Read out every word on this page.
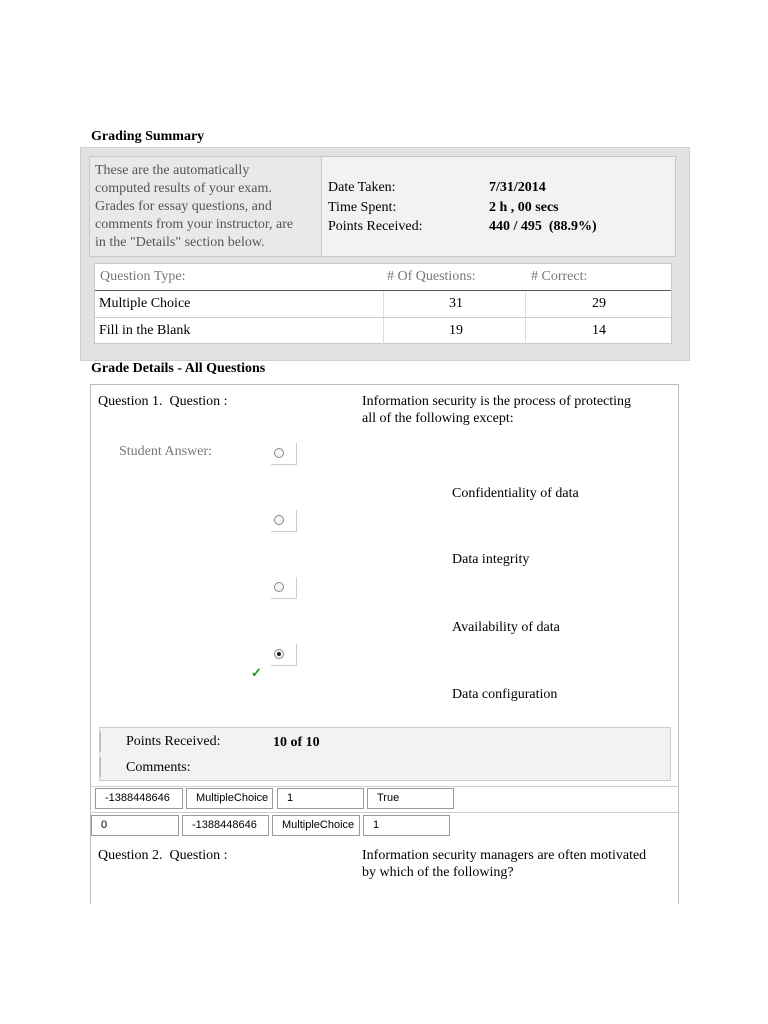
Grading Summary
These are the automatically
computed results of your exam.
Grades for essay questions, and
comments from your instructor, are
in the "Details" section below.
Date Taken:	7/31/2014
Time Spent:	2 h , 00 secs
Points Received:	440 / 495  (88.9%)
Question Type:	# Of Questions:	# Correct:
Multiple Choice	31	29
Fill in the Blank	19	14
Grade Details - All Questions
Question 1.  Question :	Information security is the process of protecting
all of the following except:
Student Answer:
Confidentiality of data
Data integrity
Availability of data
✓
Data configuration
Points Received:	10 of 10
Comments:
-1388448646	MultipleChoice	1	True
0	-1388448646	MultipleChoice	1
Question 2.  Question :	Information security managers are often motivated
by which of the following?
